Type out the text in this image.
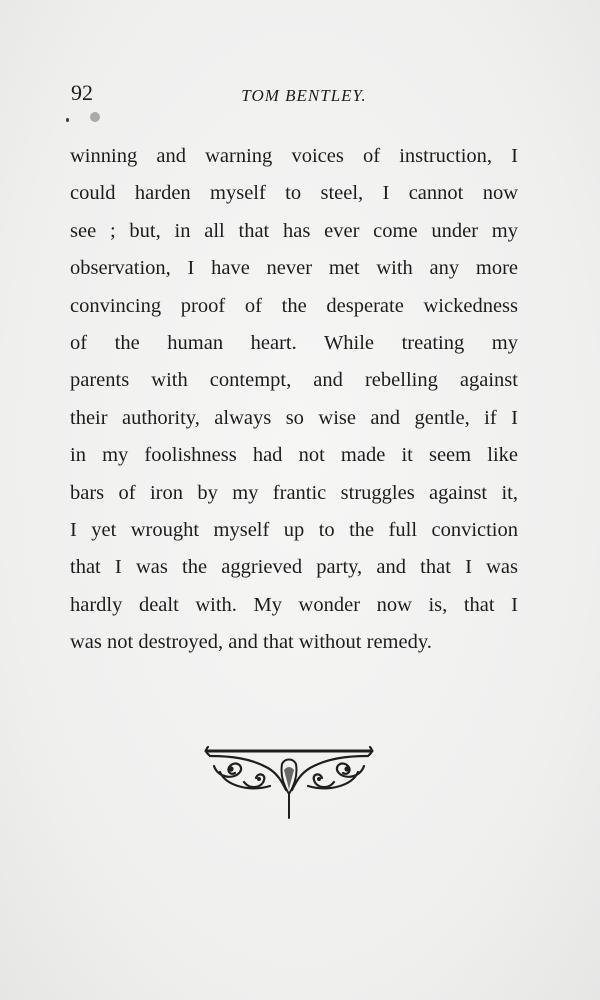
92	TOM BENTLEY.
winning and warning voices of instruction, I
could harden myself to steel, I cannot now
see ; but, in all that has ever come under my
observation, I have never met with any more
convincing proof of the desperate wickedness
of the human heart. While treating my
parents with contempt, and rebelling against
their authority, always so wise and gentle, if I
in my foolishness had not made it seem like
bars of iron by my frantic struggles against it,
I yet wrought myself up to the full conviction
that I was the aggrieved party, and that I was
hardly dealt with. My wonder now is, that I
was not destroyed, and that without remedy.
